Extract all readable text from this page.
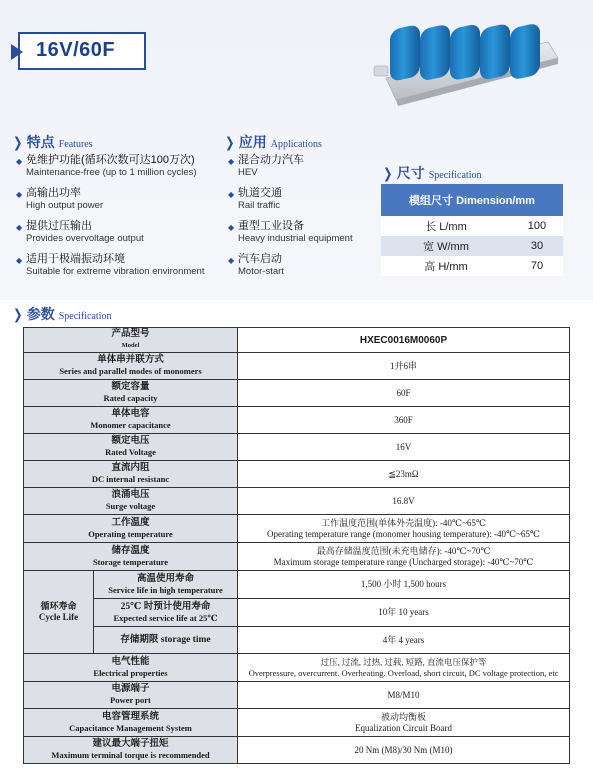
16V/60F
❯ 特点 Features
◆ 免维护功能(循环次数可达100万次)
Maintenance-free (up to 1 million cycles)
◆ 高输出功率
High output power
◆ 提供过压输出
Provides overvoltage output
◆ 适用于极端振动环境
Suitable for extreme vibration environment
❯ 应用 Applications
◆ 混合动力汽车
HEV
◆ 轨道交通
Rail traffic
◆ 重型工业设备
Heavy industrial equipment
◆ 汽车启动
Motor-start
❯ 尺寸 Specification
模组尺寸 Dimension/mm	
长 L/mm	100
宽 W/mm	30
高 H/mm	70
❯ 参数 Specification
产品型号
Model		HXEC0016M0060P

单体串并联方式
Series and parallel modes of monomers		1并6串

额定容量
Rated capacity		60F

单体电容
Monomer capacitance		360F

额定电压
Rated Voltage		16V

直流内阻
DC internal resistanc		≦23mΩ

浪涌电压
Surge voltage		16.8V

工作温度
Operating temperature		工作温度范围(单体外壳温度): -40℃~65℃
Operating temperature range (monomer housing temperature): -40℃~65℃

储存温度
Storage temperature		最高存储温度范围(未充电储存): -40℃~70℃
Maximum storage temperature range (Uncharged storage): -40℃~70℃

循环寿命
Cycle Life	高温使用寿命
Service life in high temperature	1,500 小时 1,500 hours

	25℃ 时预计使用寿命
Expected service life at 25℃	10年 10 years

	存储期限 storage time	4年 4 years

电气性能
Electrical properties		过压, 过流, 过热, 过载, 短路, 直流电压保护等
Overpressure, overcurrent. Overheating. Overload, short circuit, DC voltage protection, etc

电源端子
Power port		M8/M10

电容管理系统
Capacitance Management System		被动均衡板
Equalization Circuit Board

建议最大端子扭矩
Maximum terminal torque is recommended		20 Nm (M8)/30 Nm (M10)
